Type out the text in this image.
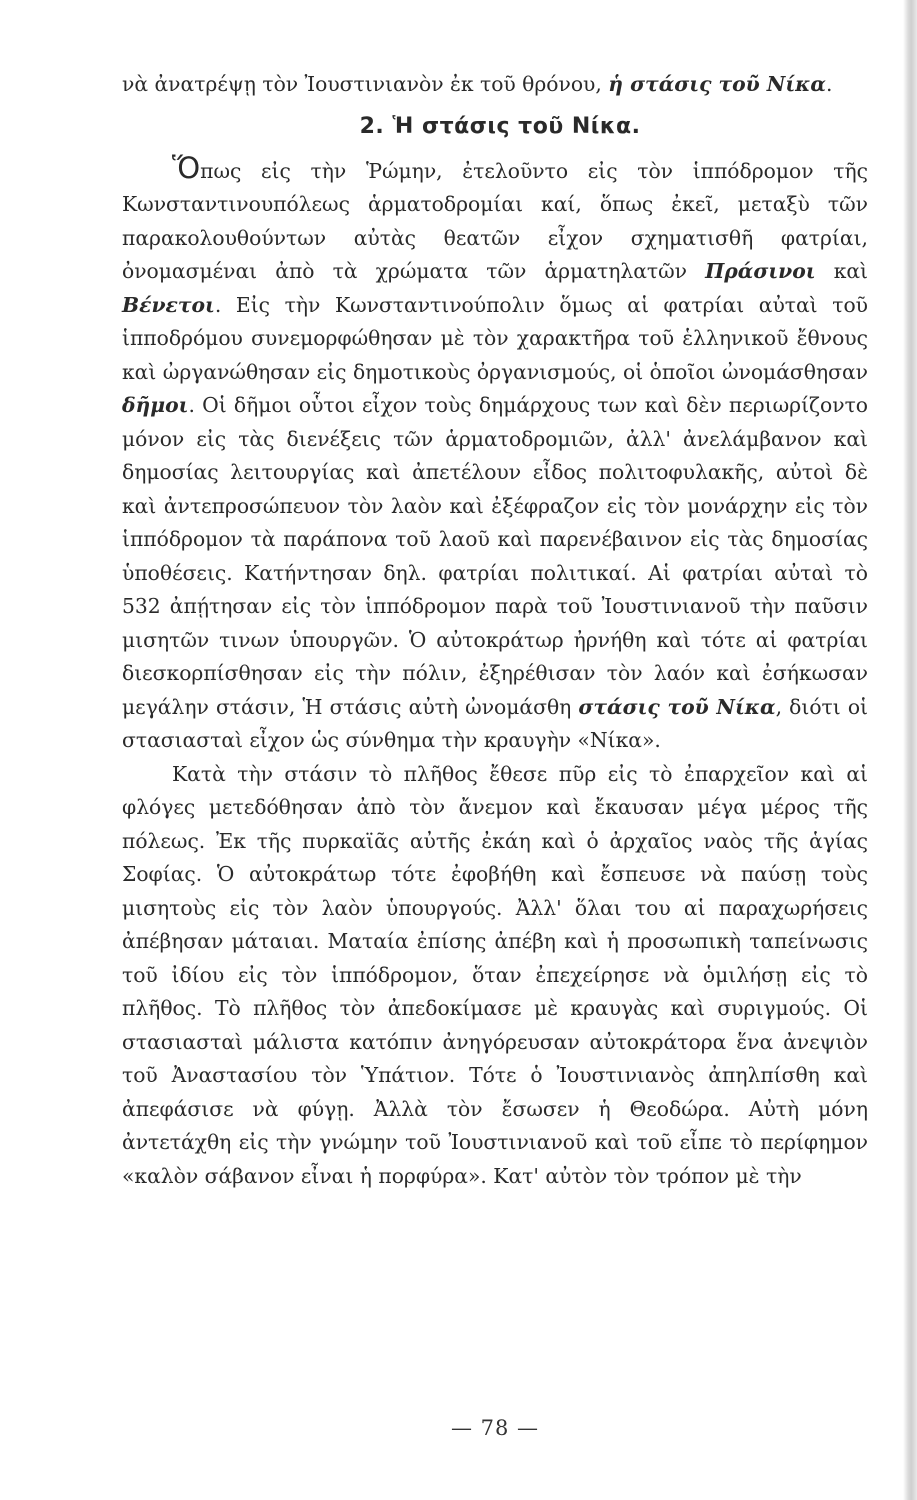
νὰ ἀνατρέψῃ τὸν Ἰουστινιανὸν ἐκ τοῦ θρόνου, ἡ στάσις τοῦ Νίκα.

2. Ἡ στάσις τοῦ Νίκα.

Ὅπως εἰς τὴν Ῥώμην, ἐτελοῦντο εἰς τὸν ἱππόδρομον τῆς Κωνσταντινουπόλεως ἁρματοδρομίαι καί, ὅπως ἐκεῖ, μεταξὺ τῶν παρακολουθούντων αὐτὰς θεατῶν εἶχον σχηματισθῆ φατρίαι, ὀνομασμέναι ἀπὸ τὰ χρώματα τῶν ἁρματηλατῶν Πράσινοι καὶ Βένετοι. Εἰς τὴν Κωνσταντινούπολιν ὅμως αἱ φατρίαι αὐταὶ τοῦ ἱπποδρόμου συνεμορφώθησαν μὲ τὸν χαρακτῆρα τοῦ ἑλληνικοῦ ἔθνους καὶ ὠργανώθησαν εἰς δημοτικοὺς ὀργανισμούς, οἱ ὁποῖοι ὠνομάσθησαν δῆμοι. Οἱ δῆμοι οὗτοι εἶχον τοὺς δημάρχους των καὶ δὲν περιωρίζοντο μόνον εἰς τὰς διενέξεις τῶν ἁρματοδρομιῶν, ἀλλ' ἀνελάμβανον καὶ δημοσίας λειτουργίας καὶ ἀπετέλουν εἶδος πολιτοφυλακῆς, αὐτοὶ δὲ καὶ ἀντεπροσώπευον τὸν λαὸν καὶ ἐξέφραζον εἰς τὸν μονάρχην εἰς τὸν ἱππόδρομον τὰ παράπονα τοῦ λαοῦ καὶ παρενέβαινον εἰς τὰς δημοσίας ὑποθέσεις. Κατήντησαν δηλ. φατρίαι πολιτικαί. Αἱ φατρίαι αὐταὶ τὸ 532 ἀπῄτησαν εἰς τὸν ἱππόδρομον παρὰ τοῦ Ἰουστινιανοῦ τὴν παῦσιν μισητῶν τινων ὑπουργῶν. Ὁ αὐτοκράτωρ ἠρνήθη καὶ τότε αἱ φατρίαι διεσκορπίσθησαν εἰς τὴν πόλιν, ἐξηρέθισαν τὸν λαόν καὶ ἐσήκωσαν μεγάλην στάσιν, Ἡ στάσις αὐτὴ ὠνομάσθη στάσις τοῦ Νίκα, διότι οἱ στασιασταὶ εἶχον ὡς σύνθημα τὴν κραυγὴν «Νίκα».

Κατὰ τὴν στάσιν τὸ πλῆθος ἔθεσε πῦρ εἰς τὸ ἐπαρχεῖον καὶ αἱ φλόγες μετεδόθησαν ἀπὸ τὸν ἄνεμον καὶ ἔκαυσαν μέγα μέρος τῆς πόλεως. Ἐκ τῆς πυρκαϊᾶς αὐτῆς ἐκάη καὶ ὁ ἀρχαῖος ναὸς τῆς ἁγίας Σοφίας. Ὁ αὐτοκράτωρ τότε ἐφοβήθη καὶ ἔσπευσε νὰ παύσῃ τοὺς μισητοὺς εἰς τὸν λαὸν ὑπουργούς. Ἀλλ' ὅλαι του αἱ παραχωρήσεις ἀπέβησαν μάταιαι. Ματαία ἐπίσης ἀπέβη καὶ ἡ προσωπικὴ ταπείνωσις τοῦ ἰδίου εἰς τὸν ἱππόδρομον, ὅταν ἐπεχείρησε νὰ ὁμιλήσῃ εἰς τὸ πλῆθος. Τὸ πλῆθος τὸν ἀπεδοκίμασε μὲ κραυγὰς καὶ συριγμούς. Οἱ στασιασταὶ μάλιστα κατόπιν ἀνηγόρευσαν αὐτοκράτορα ἕνα ἀνεψιὸν τοῦ Ἀναστασίου τὸν Ὑπάτιον. Τότε ὁ Ἰουστινιανὸς ἀπηλπίσθη καὶ ἀπεφάσισε νὰ φύγῃ. Ἀλλὰ τὸν ἔσωσεν ἡ Θεοδώρα. Αὐτὴ μόνη ἀντετάχθη εἰς τὴν γνώμην τοῦ Ἰουστινιανοῦ καὶ τοῦ εἶπε τὸ περίφημον «καλὸν σάβανον εἶναι ἡ πορφύρα». Κατ' αὐτὸν τὸν τρόπον μὲ τὴν

— 78 —
